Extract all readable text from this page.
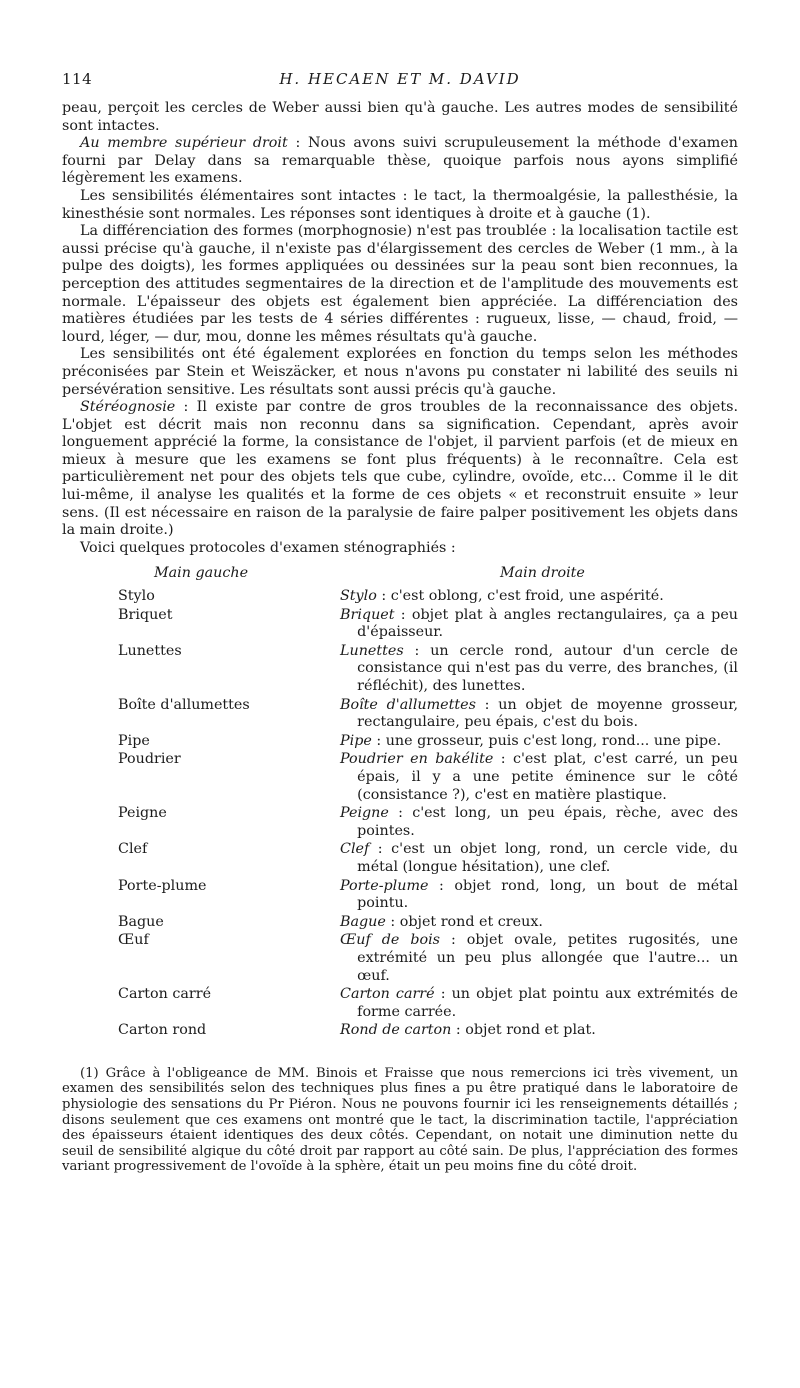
114	H. HECAEN ET M. DAVID

peau, perçoit les cercles de Weber aussi bien qu'à gauche. Les autres modes de sensibilité sont intactes.

Au membre supérieur droit : Nous avons suivi scrupuleusement la méthode d'examen fourni par Delay dans sa remarquable thèse, quoique parfois nous ayons simplifié légèrement les examens.

Les sensibilités élémentaires sont intactes : le tact, la thermoalgésie, la pallesthésie, la kinesthésie sont normales. Les réponses sont identiques à droite et à gauche (1).

La différenciation des formes (morphognosie) n'est pas troublée : la localisation tactile est aussi précise qu'à gauche, il n'existe pas d'élargissement des cercles de Weber (1 mm., à la pulpe des doigts), les formes appliquées ou dessinées sur la peau sont bien reconnues, la perception des attitudes segmentaires de la direction et de l'amplitude des mouvements est normale. L'épaisseur des objets est également bien appréciée. La différenciation des matières étudiées par les tests de 4 séries différentes : rugueux, lisse, — chaud, froid, — lourd, léger, — dur, mou, donne les mêmes résultats qu'à gauche.

Les sensibilités ont été également explorées en fonction du temps selon les méthodes préconisées par Stein et Weiszäcker, et nous n'avons pu constater ni labilité des seuils ni persévération sensitive. Les résultats sont aussi précis qu'à gauche.

Stéréognosie : Il existe par contre de gros troubles de la reconnaissance des objets. L'objet est décrit mais non reconnu dans sa signification. Cependant, après avoir longuement apprécié la forme, la consistance de l'objet, il parvient parfois (et de mieux en mieux à mesure que les examens se font plus fréquents) à le reconnaître. Cela est particulièrement net pour des objets tels que cube, cylindre, ovoïde, etc... Comme il le dit lui-même, il analyse les qualités et la forme de ces objets « et reconstruit ensuite » leur sens. (Il est nécessaire en raison de la paralysie de faire palper positivement les objets dans la main droite.)

Voici quelques protocoles d'examen sténographiés :

Main gauche	Main droite
Stylo	Stylo : c'est oblong, c'est froid, une aspérité.
Briquet	Briquet : objet plat à angles rectangulaires, ça a peu d'épaisseur.
Lunettes	Lunettes : un cercle rond, autour d'un cercle de consistance qui n'est pas du verre, des branches, (il réfléchit), des lunettes.
Boîte d'allumettes	Boîte d'allumettes : un objet de moyenne grosseur, rectangulaire, peu épais, c'est du bois.
Pipe	Pipe : une grosseur, puis c'est long, rond... une pipe.
Poudrier	Poudrier en bakélite : c'est plat, c'est carré, un peu épais, il y a une petite éminence sur le côté (consistance ?), c'est en matière plastique.
Peigne	Peigne : c'est long, un peu épais, rèche, avec des pointes.
Clef	Clef : c'est un objet long, rond, un cercle vide, du métal (longue hésitation), une clef.
Porte-plume	Porte-plume : objet rond, long, un bout de métal pointu.
Bague	Bague : objet rond et creux.
Œuf	Œuf de bois : objet ovale, petites rugosités, une extrémité un peu plus allongée que l'autre... un œuf.
Carton carré	Carton carré : un objet plat pointu aux extrémités de forme carrée.
Carton rond	Rond de carton : objet rond et plat.

(1) Grâce à l'obligeance de MM. Binois et Fraisse que nous remercions ici très vivement, un examen des sensibilités selon des techniques plus fines a pu être pratiqué dans le laboratoire de physiologie des sensations du Pr Piéron. Nous ne pouvons fournir ici les renseignements détaillés ; disons seulement que ces examens ont montré que le tact, la discrimination tactile, l'appréciation des épaisseurs étaient identiques des deux côtés. Cependant, on notait une diminution nette du seuil de sensibilité algique du côté droit par rapport au côté sain. De plus, l'appréciation des formes variant progressivement de l'ovoïde à la sphère, était un peu moins fine du côté droit.
